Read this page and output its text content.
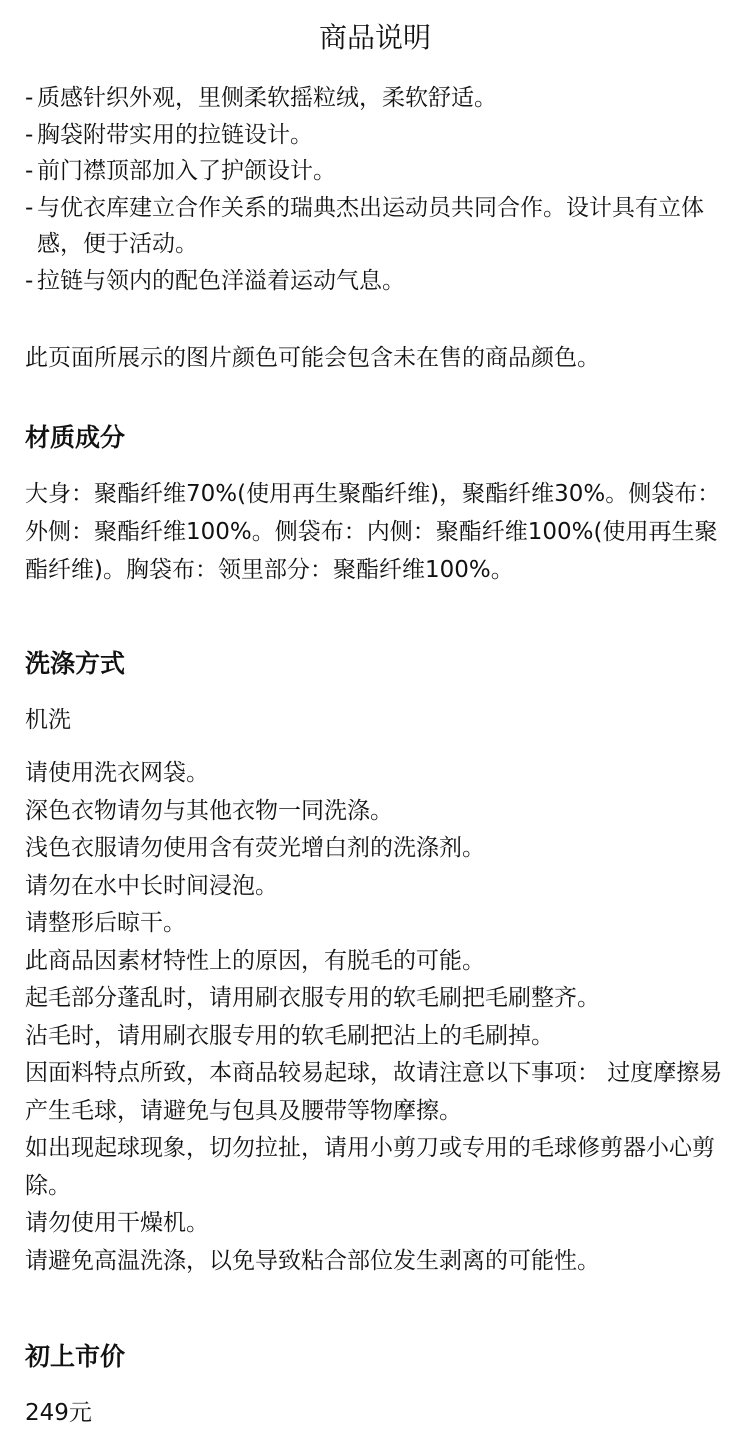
商品说明
- 质感针织外观，里侧柔软摇粒绒，柔软舒适。
- 胸袋附带实用的拉链设计。
- 前门襟顶部加入了护颌设计。
- 与优衣库建立合作关系的瑞典杰出运动员共同合作。设计具有立体感，便于活动。
- 拉链与领内的配色洋溢着运动气息。

此页面所展示的图片颜色可能会包含未在售的商品颜色。

材质成分

大身：聚酯纤维70%(使用再生聚酯纤维)，聚酯纤维30%。侧袋布：外侧：聚酯纤维100%。侧袋布：内侧：聚酯纤维100%(使用再生聚酯纤维)。胸袋布：领里部分：聚酯纤维100%。

洗涤方式

机洗

请使用洗衣网袋。
深色衣物请勿与其他衣物一同洗涤。
浅色衣服请勿使用含有荧光增白剂的洗涤剂。
请勿在水中长时间浸泡。
请整形后晾干。
此商品因素材特性上的原因，有脱毛的可能。
起毛部分蓬乱时，请用刷衣服专用的软毛刷把毛刷整齐。
沾毛时，请用刷衣服专用的软毛刷把沾上的毛刷掉。
因面料特点所致，本商品较易起球，故请注意以下事项： 过度摩擦易产生毛球，请避免与包具及腰带等物摩擦。
如出现起球现象，切勿拉扯，请用小剪刀或专用的毛球修剪器小心剪除。
请勿使用干燥机。
请避免高温洗涤，以免导致粘合部位发生剥离的可能性。
初上市价

249元
